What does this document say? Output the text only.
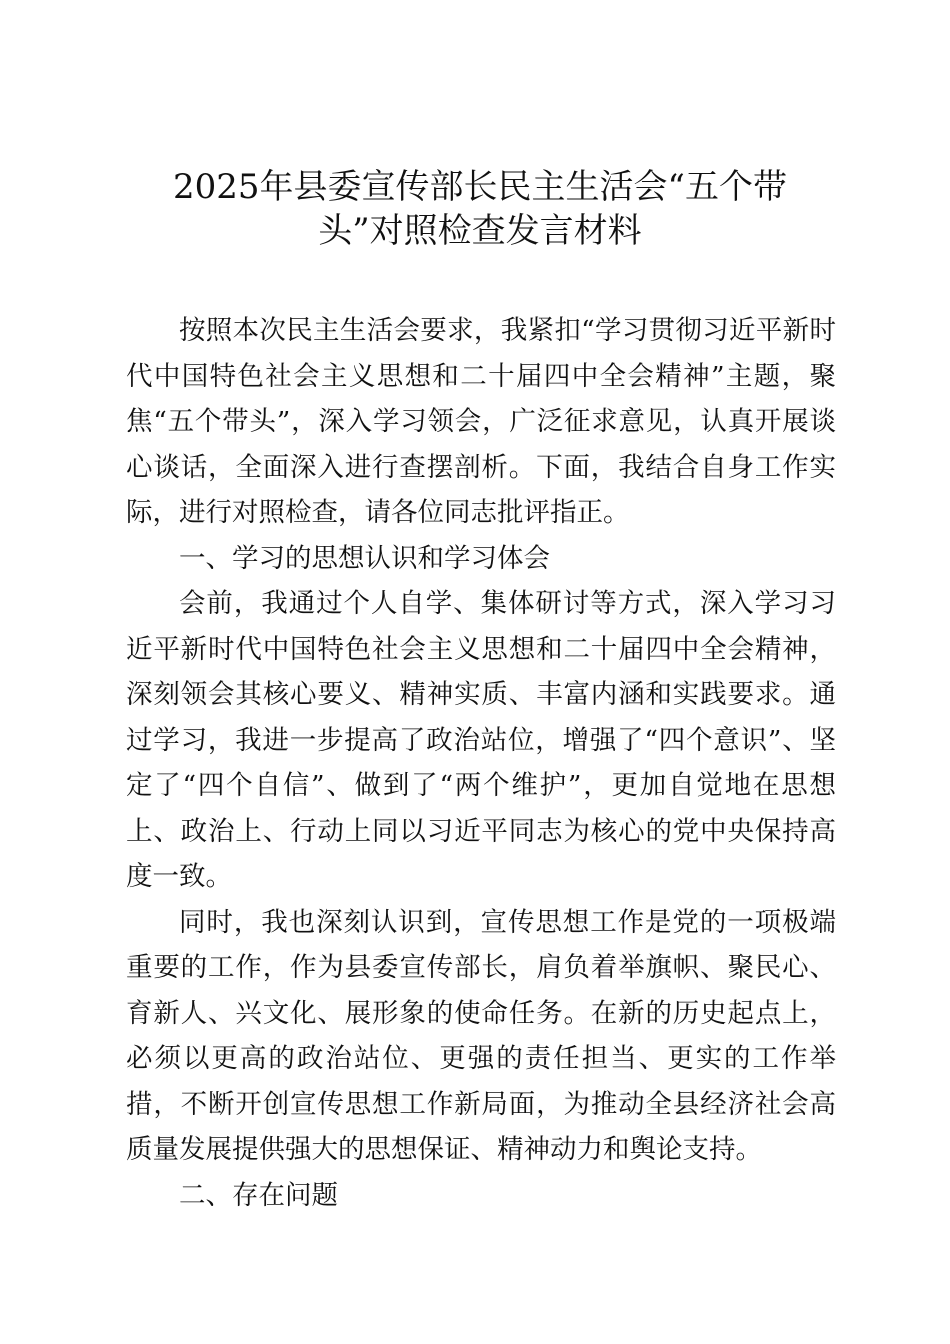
2025年县委宣传部长民主生活会“五个带
头”对照检查发言材料

按照本次民主生活会要求，我紧扣“学习贯彻习近平新时代中国特色社会主义思想和二十届四中全会精神”主题，聚焦“五个带头”，深入学习领会，广泛征求意见，认真开展谈心谈话，全面深入进行查摆剖析。下面，我结合自身工作实际，进行对照检查，请各位同志批评指正。

一、学习的思想认识和学习体会

会前，我通过个人自学、集体研讨等方式，深入学习习近平新时代中国特色社会主义思想和二十届四中全会精神，深刻领会其核心要义、精神实质、丰富内涵和实践要求。通过学习，我进一步提高了政治站位，增强了“四个意识”、坚定了“四个自信”、做到了“两个维护”，更加自觉地在思想上、政治上、行动上同以习近平同志为核心的党中央保持高度一致。

同时，我也深刻认识到，宣传思想工作是党的一项极端重要的工作，作为县委宣传部长，肩负着举旗帜、聚民心、育新人、兴文化、展形象的使命任务。在新的历史起点上，必须以更高的政治站位、更强的责任担当、更实的工作举措，不断开创宣传思想工作新局面，为推动全县经济社会高质量发展提供强大的思想保证、精神动力和舆论支持。

二、存在问题
